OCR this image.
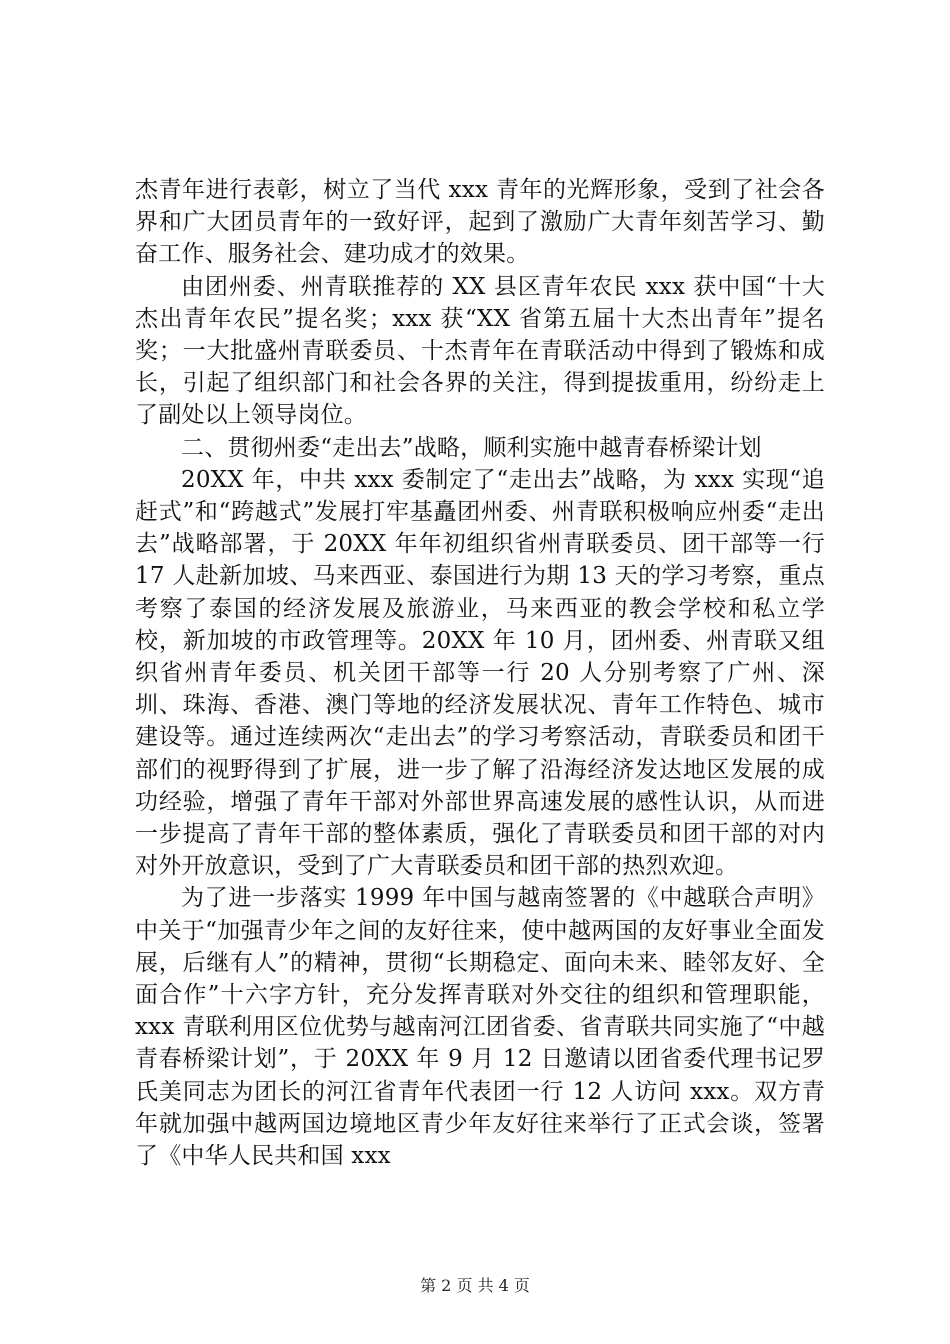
杰青年进行表彰，树立了当代 xxx 青年的光辉形象，受到了社会各界和广大团员青年的一致好评，起到了激励广大青年刻苦学习、勤奋工作、服务社会、建功成才的效果。

由团州委、州青联推荐的 XX 县区青年农民 xxx 获中国“十大杰出青年农民”提名奖；xxx 获“XX 省第五届十大杰出青年”提名奖；一大批盛州青联委员、十杰青年在青联活动中得到了锻炼和成长，引起了组织部门和社会各界的关注，得到提拔重用，纷纷走上了副处以上领导岗位。

二、贯彻州委“走出去”战略，顺利实施中越青春桥梁计划

20XX 年，中共 xxx 委制定了“走出去”战略，为 xxx 实现“追赶式”和“跨越式”发展打牢基矗团州委、州青联积极响应州委“走出去”战略部署，于 20XX 年年初组织省州青联委员、团干部等一行 17 人赴新加坡、马来西亚、泰国进行为期 13 天的学习考察，重点考察了泰国的经济发展及旅游业，马来西亚的教会学校和私立学校，新加坡的市政管理等。20XX 年 10 月，团州委、州青联又组织省州青年委员、机关团干部等一行 20 人分别考察了广州、深圳、珠海、香港、澳门等地的经济发展状况、青年工作特色、城市建设等。通过连续两次“走出去”的学习考察活动，青联委员和团干部们的视野得到了扩展，进一步了解了沿海经济发达地区发展的成功经验，增强了青年干部对外部世界高速发展的感性认识，从而进一步提高了青年干部的整体素质，强化了青联委员和团干部的对内对外开放意识，受到了广大青联委员和团干部的热烈欢迎。

为了进一步落实 1999 年中国与越南签署的《中越联合声明》中关于“加强青少年之间的友好往来，使中越两国的友好事业全面发展，后继有人”的精神，贯彻“长期稳定、面向未来、睦邻友好、全面合作”十六字方针，充分发挥青联对外交往的组织和管理职能，xxx 青联利用区位优势与越南河江团省委、省青联共同实施了“中越青春桥梁计划”，于 20XX 年 9 月 12 日邀请以团省委代理书记罗氏美同志为团长的河江省青年代表团一行 12 人访问 xxx。双方青年就加强中越两国边境地区青少年友好往来举行了正式会谈，签署了《中华人民共和国 xxx

第 2 页 共 4 页
